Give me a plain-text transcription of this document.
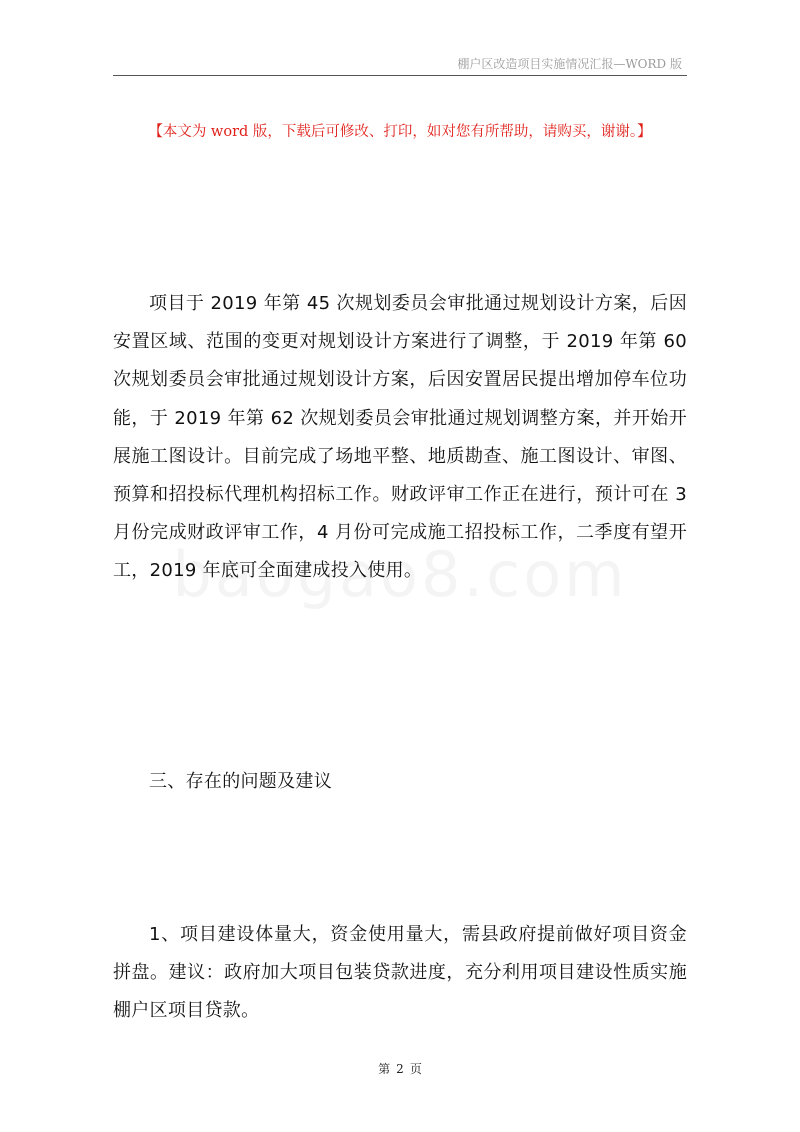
棚户区改造项目实施情况汇报—WORD 版
【本文为 word 版，下载后可修改、打印，如对您有所帮助，请购买，谢谢。】

项目于 2019 年第 45 次规划委员会审批通过规划设计方案，后因安置区域、范围的变更对规划设计方案进行了调整，于 2019 年第 60 次规划委员会审批通过规划设计方案，后因安置居民提出增加停车位功能，于 2019 年第 62 次规划委员会审批通过规划调整方案，并开始开展施工图设计。目前完成了场地平整、地质勘查、施工图设计、审图、预算和招投标代理机构招标工作。财政评审工作正在进行，预计可在 3 月份完成财政评审工作，4 月份可完成施工招投标工作，二季度有望开工，2019 年底可全面建成投入使用。

三、存在的问题及建议

1、项目建设体量大，资金使用量大，需县政府提前做好项目资金拼盘。建议：政府加大项目包装贷款进度，充分利用项目建设性质实施棚户区项目贷款。

第 2 页
